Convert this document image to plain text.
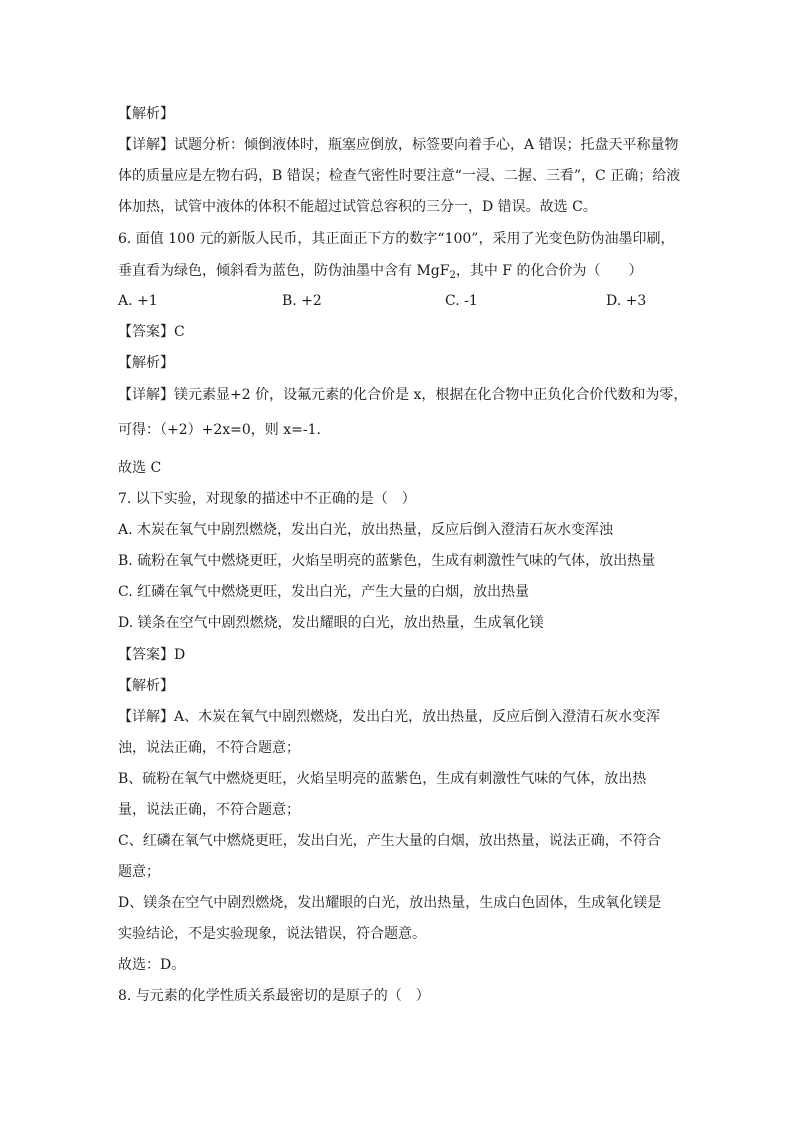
【解析】
【详解】试题分析：倾倒液体时，瓶塞应倒放，标签要向着手心，A 错误；托盘天平称量物
体的质量应是左物右码，B 错误；检查气密性时要注意“一浸、二握、三看”，C 正确；给液
体加热，试管中液体的体积不能超过试管总容积的三分一，D 错误。故选 C。
6. 面值 100 元的新版人民币，其正面正下方的数字“100”，采用了光变色防伪油墨印刷，
垂直看为绿色，倾斜看为蓝色，防伪油墨中含有 MgF$_2$，其中 F 的化合价为（　　）
A. +1	B. +2	C. -1	D. +3
【答案】C
【解析】
【详解】镁元素显+2 价，设氟元素的化合价是 x，根据在化合物中正负化合价代数和为零，
可得：（+2）+2x=0，则 x=-1．
故选 C
7. 以下实验，对现象的描述中不正确的是（　）
A. 木炭在氧气中剧烈燃烧，发出白光，放出热量，反应后倒入澄清石灰水变浑浊
B. 硫粉在氧气中燃烧更旺，火焰呈明亮的蓝紫色，生成有刺激性气味的气体，放出热量
C. 红磷在氧气中燃烧更旺，发出白光，产生大量的白烟，放出热量
D. 镁条在空气中剧烈燃烧，发出耀眼的白光，放出热量，生成氧化镁
【答案】D
【解析】
【详解】A、木炭在氧气中剧烈燃烧，发出白光，放出热量，反应后倒入澄清石灰水变浑
浊，说法正确，不符合题意；
B、硫粉在氧气中燃烧更旺，火焰呈明亮的蓝紫色，生成有刺激性气味的气体，放出热
量，说法正确，不符合题意；
C、红磷在氧气中燃烧更旺，发出白光，产生大量的白烟，放出热量，说法正确，不符合
题意；
D、镁条在空气中剧烈燃烧，发出耀眼的白光，放出热量，生成白色固体，生成氧化镁是
实验结论，不是实验现象，说法错误，符合题意。
故选：D。
8. 与元素的化学性质关系最密切的是原子的（　）
